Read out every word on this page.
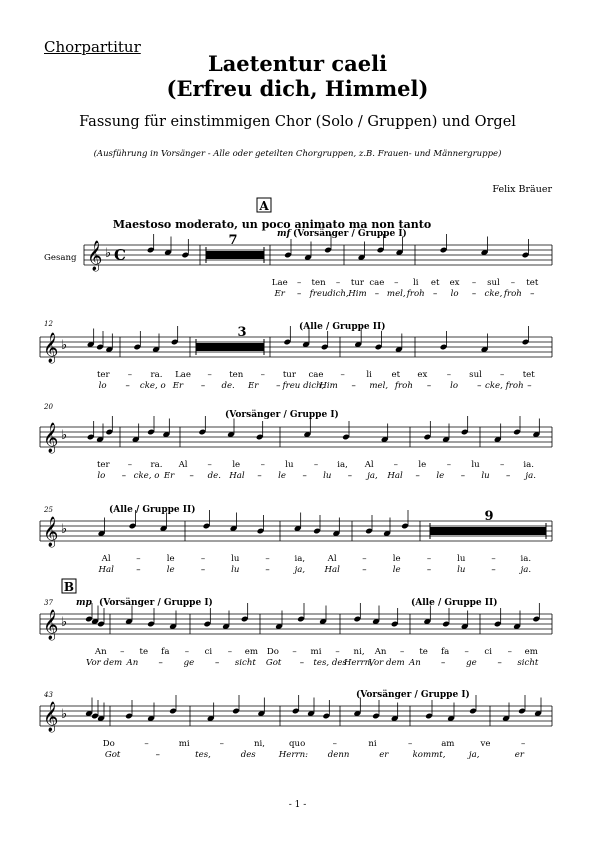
Chorpartitur
Laetentur caeli
(Erfreu dich, Himmel)
Fassung für einstimmigen Chor (Solo / Gruppen) und Orgel
(Ausführung in Vorsänger - Alle oder geteilten Chorgruppen, z.B. Frauen- und Männergruppe)
Felix Bräuer
𝄞 ♭ C
𝄞 ♭
𝄞 ♭
𝄞 ♭
𝄞 ♭
𝄞 ♭
A
Maestoso moderato, un poco animato ma non tanto
B
Gesang
12
20
25
37
43
mf (Vorsänger / Gruppe I)
(Alle / Gruppe II)
(Vorsänger / Gruppe I)
(Alle / Gruppe II)
mp (Vorsänger / Gruppe I)	(Alle / Gruppe II)
(Vorsänger / Gruppe I)
7
3
9
Lae – ten – tur cae – li et ex – sul – tet
Er – freu dich, Him – mel, froh – lo – cke, froh –
ter – ra. Lae – ten – tur cae –	li et ex – sul – tet
lo – cke, o Er – de. Er – freu dich,
Him – mel, froh – lo – cke, froh –
ter – ra. Al – le – lu – ia, Al – le – lu – ia.
lo – cke, o Er – de. Hal – le – lu – ja, Hal – le – lu – ja.
Al	–	le	–	lu	–	ia,	Al	–	le	–	lu	–	ia.
Hal	–	le	–	lu	–	ja, Hal	–	le	–	lu	–	ja.
An – te fa – ci – em Do – mi – ni, An – te fa – ci – em
Vor dem An – ge – sicht Got – tes, des
Herrn,
Vor dem An – ge – sicht
Do	–	mi	–	ni,	quo	–	ni	–	am	ve	–
Got	–	tes,	des	Herrn: denn	er	kommt,	ja,	er
- 1 -
